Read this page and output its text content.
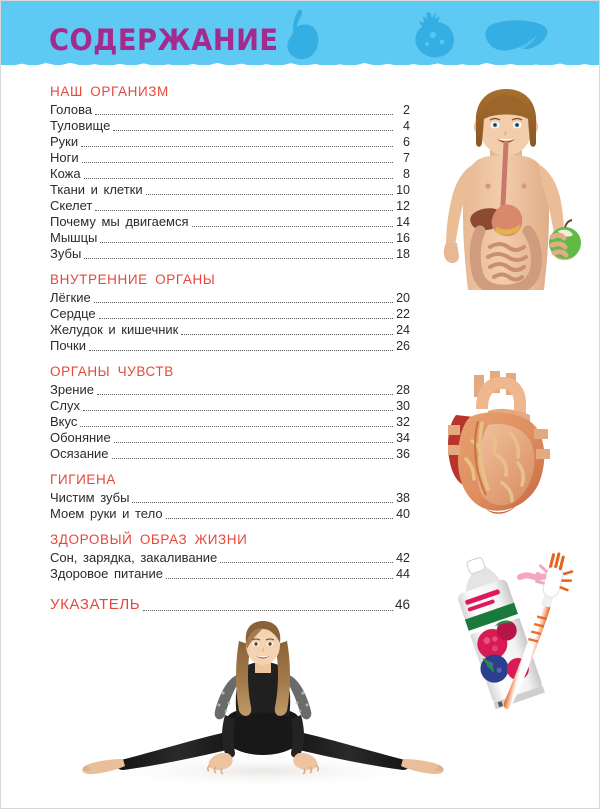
СОДЕРЖАНИЕ
НАШ ОРГАНИЗМ
Голова	2
Туловище	4
Руки	6
Ноги	7
Кожа	8
Ткани и клетки	10
Скелет	12
Почему мы двигаемся	14
Мышцы	16
Зубы	18
ВНУТРЕННИЕ ОРГАНЫ
Лёгкие	20
Сердце	22
Желудок и кишечник	24
Почки	26
ОРГАНЫ ЧУВСТВ
Зрение	28
Слух	30
Вкус	32
Обоняние	34
Осязание	36
ГИГИЕНА
Чистим зубы	38
Моем руки и тело	40
ЗДОРОВЫЙ ОБРАЗ ЖИЗНИ
Сон, зарядка, закаливание	42
Здоровое питание	44
УКАЗАТЕЛЬ	46
